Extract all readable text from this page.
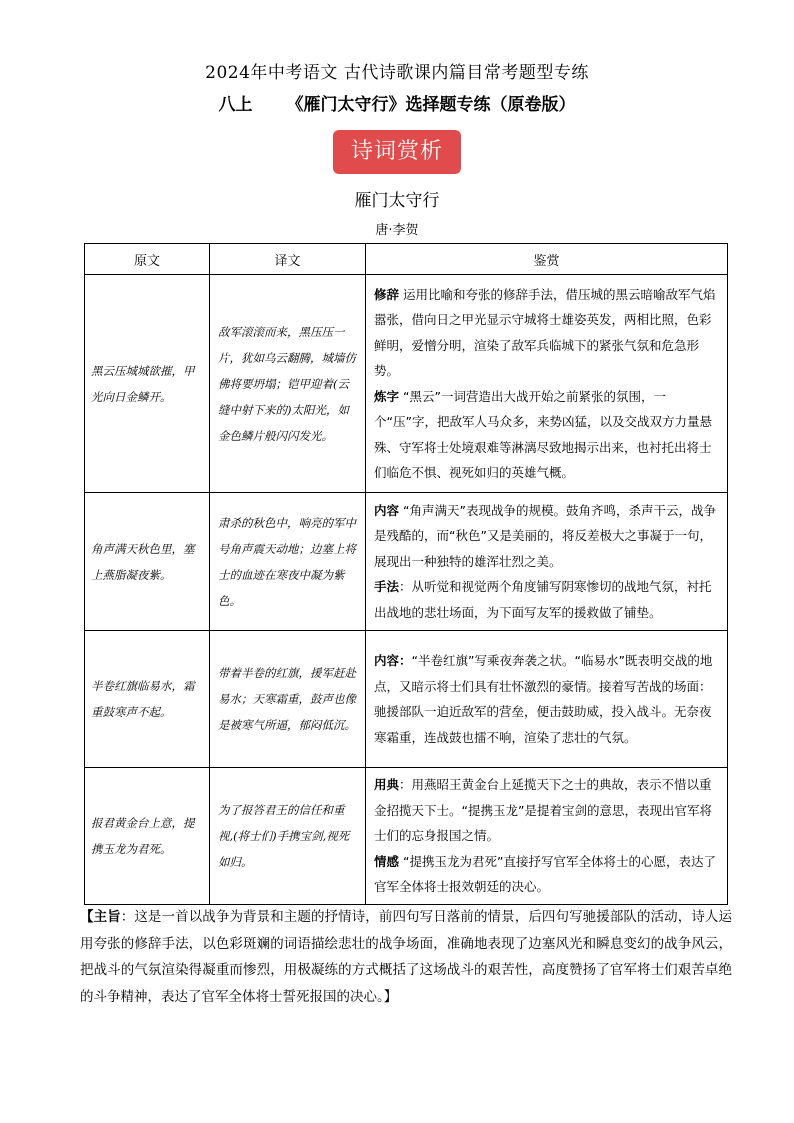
2024年中考语文 古代诗歌课内篇目常考题型专练
八上 《雁门太守行》选择题专练（原卷版）
诗词赏析
雁门太守行
唐·李贺
原文	译文	鉴赏
黑云压城城欲摧，甲光向日金鳞开。	敌军滚滚而来，黑压压一片，犹如乌云翻腾，城墙仿佛将要坍塌；铠甲迎着(云缝中射下来的)太阳光，如金色鳞片般闪闪发光。	修辞 运用比喻和夸张的修辞手法，借压城的黑云暗喻敌军气焰嚣张，借向日之甲光显示守城将士雄姿英发，两相比照，色彩鲜明，爱憎分明，渲染了敌军兵临城下的紧张气氛和危急形势。
炼字 “黑云”一词营造出大战开始之前紧张的氛围，一个“压”字，把敌军人马众多，来势凶猛，以及交战双方力量悬殊、守军将士处境艰难等淋漓尽致地揭示出来，也衬托出将士们临危不惧、视死如归的英雄气概。

角声满天秋色里，塞上燕脂凝夜紫。	肃杀的秋色中，响亮的军中号角声震天动地；边塞上将士的血迹在寒夜中凝为紫色。	内容 “角声满天”表现战争的规模。鼓角齐鸣，杀声干云，战争是残酷的，而“秋色”又是美丽的，将反差极大之事凝于一句，展现出一种独特的雄浑壮烈之美。
手法：从听觉和视觉两个角度铺写阴寒惨切的战地气氛，衬托出战地的悲壮场面，为下面写友军的援救做了铺垫。

半卷红旗临易水，霜重鼓寒声不起。	带着半卷的红旗，援军赶赴易水；天寒霜重，鼓声也像是被寒气所逼，郁闷低沉。	内容：“半卷红旗”写乘夜奔袭之状。“临易水”既表明交战的地点，又暗示将士们具有壮怀激烈的豪情。接着写苦战的场面：驰援部队一迫近敌军的营垒，便击鼓助威，投入战斗。无奈夜寒霜重，连战鼓也擂不响，渲染了悲壮的气氛。

报君黄金台上意，提携玉龙为君死。	为了报答君王的信任和重视,(将士们)手携宝剑,视死如归。	用典：用燕昭王黄金台上延揽天下之士的典故，表示不惜以重金招揽天下士。“提携玉龙”是提着宝剑的意思，表现出官军将士们的忘身报国之情。
情感 “提携玉龙为君死”直接抒写官军全体将士的心愿，表达了官军全体将士报效朝廷的决心。
【主旨：这是一首以战争为背景和主题的抒情诗，前四句写日落前的情景，后四句写驰援部队的活动，诗人运用夸张的修辞手法，以色彩斑斓的词语描绘悲壮的战争场面，准确地表现了边塞风光和瞬息变幻的战争风云，把战斗的气氛渲染得凝重而惨烈，用极凝练的方式概括了这场战斗的艰苦性，高度赞扬了官军将士们艰苦卓绝的斗争精神，表达了官军全体将士誓死报国的决心。】
